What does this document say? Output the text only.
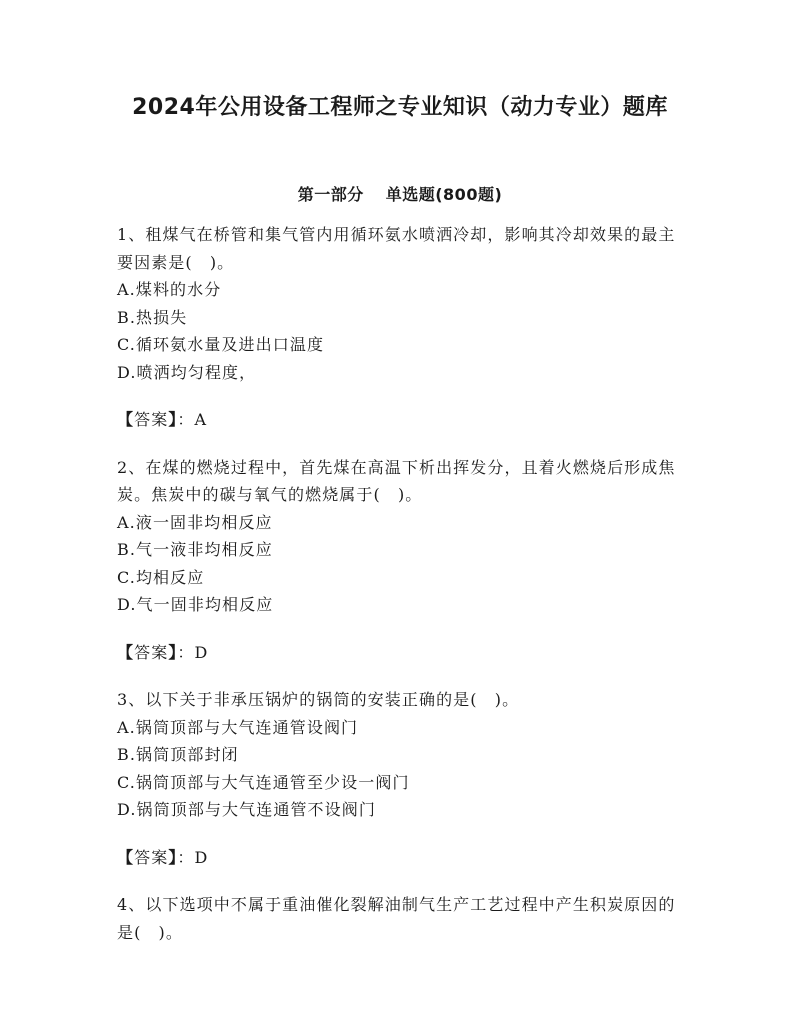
2024年公用设备工程师之专业知识（动力专业）题库
第一部分 单选题(800题)

1、租煤气在桥管和集气管内用循环氨水喷洒冷却，影响其冷却效果的最主要因素是(　)。

A.煤料的水分

B.热损失

C.循环氨水量及进出口温度

D.喷洒均匀程度，

【答案】：A

2、在煤的燃烧过程中，首先煤在高温下析出挥发分，且着火燃烧后形成焦炭。焦炭中的碳与氧气的燃烧属于(　)。

A.液一固非均相反应

B.气一液非均相反应

C.均相反应

D.气一固非均相反应

【答案】：D

3、以下关于非承压锅炉的锅筒的安装正确的是(　)。

A.锅筒顶部与大气连通管设阀门

B.锅筒顶部封闭

C.锅筒顶部与大气连通管至少设一阀门

D.锅筒顶部与大气连通管不设阀门

【答案】：D

4、以下选项中不属于重油催化裂解油制气生产工艺过程中产生积炭原因的是(　)。
